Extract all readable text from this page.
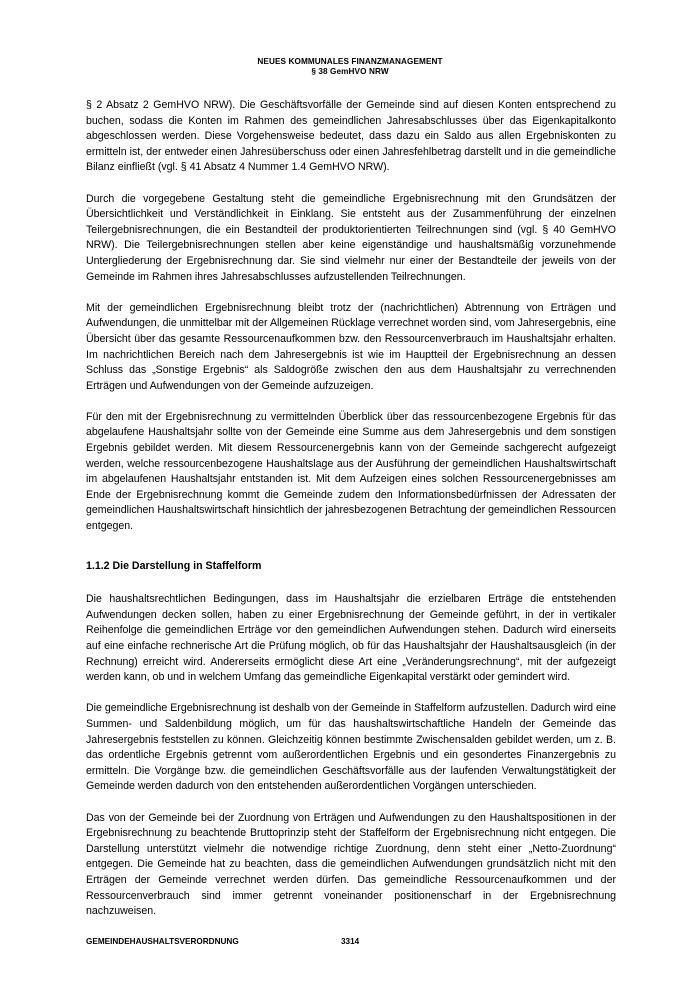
NEUES KOMMUNALES FINANZMANAGEMENT
§ 38 GemHVO NRW

§ 2 Absatz 2 GemHVO NRW). Die Geschäftsvorfälle der Gemeinde sind auf diesen Konten entsprechend zu buchen, sodass die Konten im Rahmen des gemeindlichen Jahresabschlusses über das Eigenkapitalkonto abgeschlossen werden. Diese Vorgehensweise bedeutet, dass dazu ein Saldo aus allen Ergebniskonten zu ermitteln ist, der entweder einen Jahresüberschuss oder einen Jahresfehlbetrag darstellt und in die gemeindliche Bilanz einfließt (vgl. § 41 Absatz 4 Nummer 1.4 GemHVO NRW).

Durch die vorgegebene Gestaltung steht die gemeindliche Ergebnisrechnung mit den Grundsätzen der Übersichtlichkeit und Verständlichkeit in Einklang. Sie entsteht aus der Zusammenführung der einzelnen Teilergebnisrechnungen, die ein Bestandteil der produktorientierten Teilrechnungen sind (vgl. § 40 GemHVO NRW). Die Teilergebnisrechnungen stellen aber keine eigenständige und haushaltsmäßig vorzunehmende Untergliederung der Ergebnisrechnung dar. Sie sind vielmehr nur einer der Bestandteile der jeweils von der Gemeinde im Rahmen ihres Jahresabschlusses aufzustellenden Teilrechnungen.

Mit der gemeindlichen Ergebnisrechnung bleibt trotz der (nachrichtlichen) Abtrennung von Erträgen und Aufwendungen, die unmittelbar mit der Allgemeinen Rücklage verrechnet worden sind, vom Jahresergebnis, eine Übersicht über das gesamte Ressourcenaufkommen bzw. den Ressourcenverbrauch im Haushaltsjahr erhalten. Im nachrichtlichen Bereich nach dem Jahresergebnis ist wie im Hauptteil der Ergebnisrechnung an dessen Schluss das „Sonstige Ergebnis“ als Saldogröße zwischen den aus dem Haushaltsjahr zu verrechnenden Erträgen und Aufwendungen von der Gemeinde aufzuzeigen.

Für den mit der Ergebnisrechnung zu vermittelnden Überblick über das ressourcenbezogene Ergebnis für das abgelaufene Haushaltsjahr sollte von der Gemeinde eine Summe aus dem Jahresergebnis und dem sonstigen Ergebnis gebildet werden. Mit diesem Ressourcenergebnis kann von der Gemeinde sachgerecht aufgezeigt werden, welche ressourcenbezogene Haushaltslage aus der Ausführung der gemeindlichen Haushaltswirtschaft im abgelaufenen Haushaltsjahr entstanden ist. Mit dem Aufzeigen eines solchen Ressourcenergebnisses am Ende der Ergebnisrechnung kommt die Gemeinde zudem den Informationsbedürfnissen der Adressaten der gemeindlichen Haushaltswirtschaft hinsichtlich der jahresbezogenen Betrachtung der gemeindlichen Ressourcen entgegen.

1.1.2 Die Darstellung in Staffelform

Die haushaltsrechtlichen Bedingungen, dass im Haushaltsjahr die erzielbaren Erträge die entstehenden Aufwendungen decken sollen, haben zu einer Ergebnisrechnung der Gemeinde geführt, in der in vertikaler Reihenfolge die gemeindlichen Erträge vor den gemeindlichen Aufwendungen stehen. Dadurch wird einerseits auf eine einfache rechnerische Art die Prüfung möglich, ob für das Haushaltsjahr der Haushaltsausgleich (in der Rechnung) erreicht wird. Andererseits ermöglicht diese Art eine „Veränderungsrechnung“, mit der aufgezeigt werden kann, ob und in welchem Umfang das gemeindliche Eigenkapital verstärkt oder gemindert wird.

Die gemeindliche Ergebnisrechnung ist deshalb von der Gemeinde in Staffelform aufzustellen. Dadurch wird eine Summen- und Saldenbildung möglich, um für das haushaltswirtschaftliche Handeln der Gemeinde das Jahresergebnis feststellen zu können. Gleichzeitig können bestimmte Zwischensalden gebildet werden, um z. B. das ordentliche Ergebnis getrennt vom außerordentlichen Ergebnis und ein gesondertes Finanzergebnis zu ermitteln. Die Vorgänge bzw. die gemeindlichen Geschäftsvorfälle aus der laufenden Verwaltungstätigkeit der Gemeinde werden dadurch von den entstehenden außerordentlichen Vorgängen unterschieden.

Das von der Gemeinde bei der Zuordnung von Erträgen und Aufwendungen zu den Haushaltspositionen in der Ergebnisrechnung zu beachtende Bruttoprinzip steht der Staffelform der Ergebnisrechnung nicht entgegen. Die Darstellung unterstützt vielmehr die notwendige richtige Zuordnung, denn steht einer „Netto-Zuordnung“ entgegen. Die Gemeinde hat zu beachten, dass die gemeindlichen Aufwendungen grundsätzlich nicht mit den Erträgen der Gemeinde verrechnet werden dürfen. Das gemeindliche Ressourcenaufkommen und der Ressourcenverbrauch sind immer getrennt voneinander positionenscharf in der Ergebnisrechnung nachzuweisen.

GEMEINDEHAUSHALTSVERORDNUNG	3314
